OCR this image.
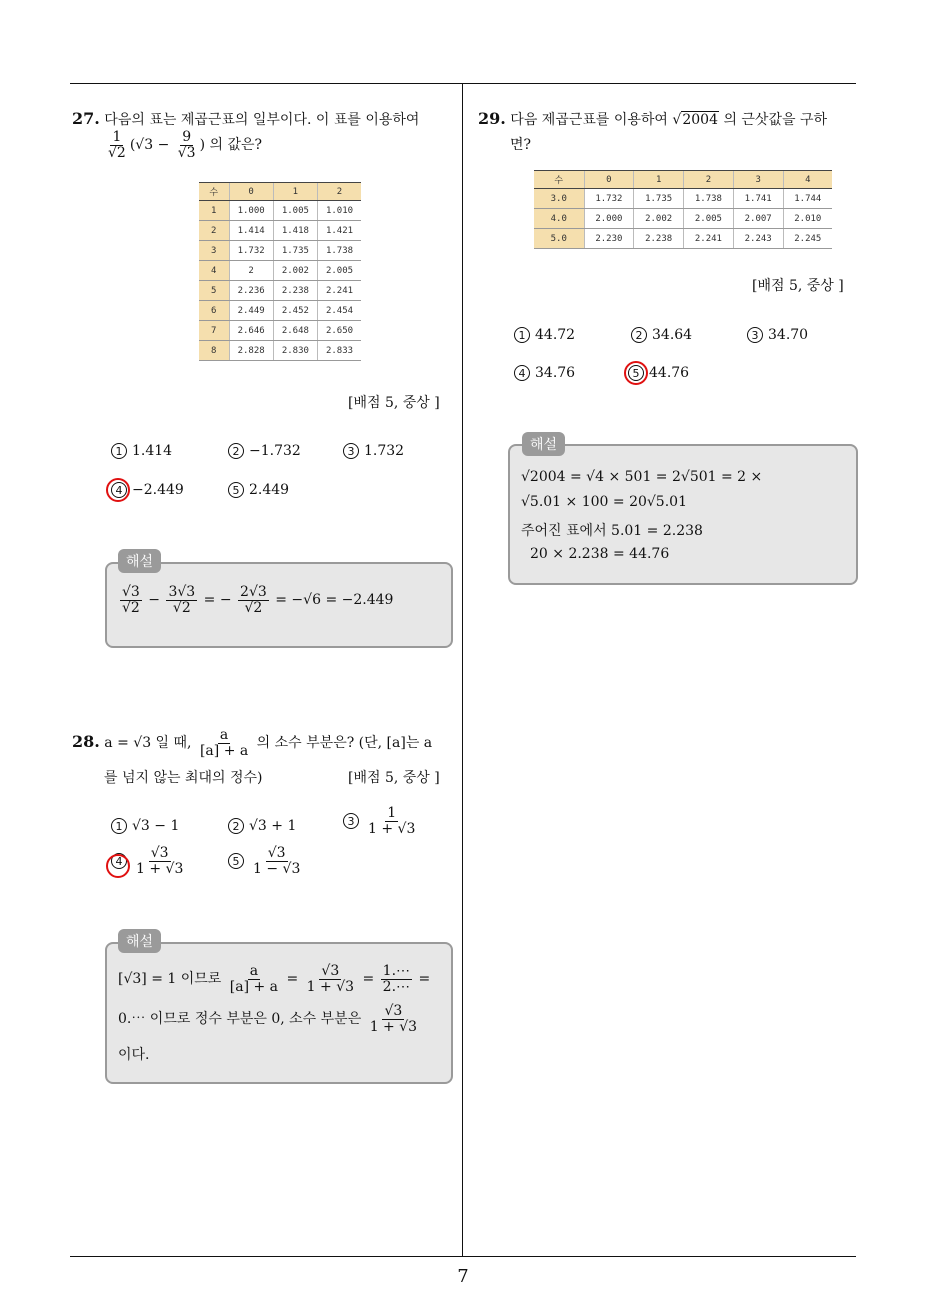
7
27. 다음의 표는 제곱근표의 일부이다. 이 표를 이용하여
$\frac{1}{√2} (√3 - \frac{9}{√3}$ ) 의 값은?
수	0	1	2
1	1.000	1.005	1.010
2	1.414	1.418	1.421
3	1.732	1.735	1.738
4	2	2.002	2.005
5	2.236	2.238	2.241
6	2.449	2.452	2.454
7	2.646	2.648	2.650
8	2.828	2.830	2.833
[배점 5, 중상 ]
1 1.414	2 −1.732	3 1.732
4 −2.449	5 2.449
해설
$\frac{√3}{√2} - \frac{3√3}{√2}$ = − $\frac{2√3}{√2} = -√6 = -2.449$
28. a = √3 일 때, $\frac{a}{[a] + a}$ 의 소수 부분은? (단, [a]는 a
를 넘지 않는 최대의 정수)	[배점 5, 중상 ]
1 √3 − 1	2 √3 + 1	$3 \frac{1}{1 + √3}$
$4 \frac{√3}{1 + √3}$	$5 \frac{√3}{1 - √3}$
해설
[√3] = 1 이므로 $\frac{a}{[a] + a} = \frac{√3}{1 + √3} = \frac{1.\cdots}{2.\cdots}$ =
0.⋯ 이므로 정수 부분은 0, 소수 부분은 $\frac{√3}{1 + √3}$
이다.
29. 다음 제곱근표를 이용하여 √2004 의 근삿값을 구하
면?
수	0	1	2	3	4
3.0	1.732	1.735	1.738	1.741	1.744
4.0	2.000	2.002	2.005	2.007	2.010
5.0	2.230	2.238	2.241	2.243	2.245
[배점 5, 중상 ]
1 44.72	2 34.64	3 34.70
4 34.76	5 44.76
해설
√2004 = √4 × 501 = 2√501 = 2 ×
√5.01 × 100 = 20√5.01
주어진 표에서 5.01 = 2.238
20 × 2.238 = 44.76
